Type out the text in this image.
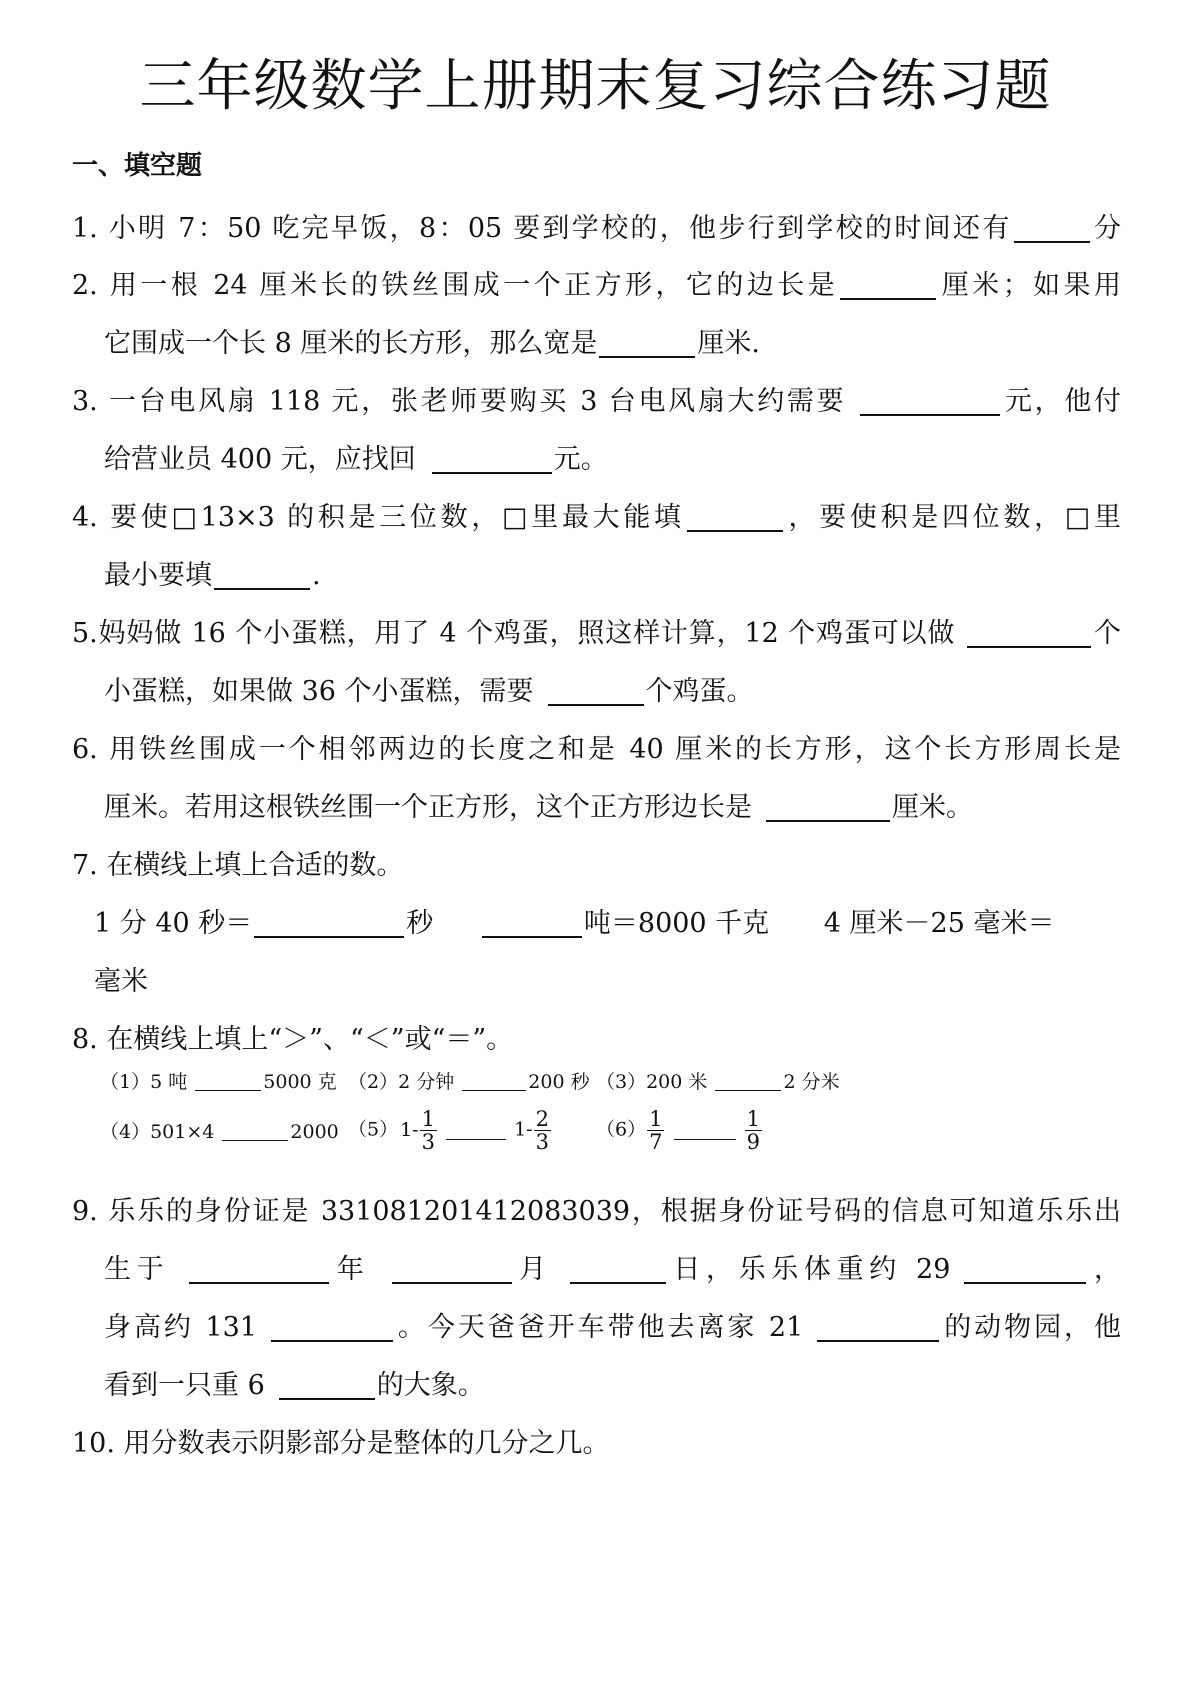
三年级数学上册期末复习综合练习题
一、填空题
1. 小明 7：50 吃完早饭，8：05 要到学校的，他步行到学校的时间还有	分
2. 用一根 24 厘米长的铁丝围成一个正方形，它的边长是	厘米；如果用
它围成一个长 8 厘米的长方形，那么宽是	厘米.
3. 一台电风扇 118 元，张老师要购买 3 台电风扇大约需要	元，他付
给营业员 400 元，应找回	元。
4. 要使□13×3 的积是三位数，□里最大能填	，要使积是四位数，□里
最小要填	.
5.妈妈做 16 个小蛋糕，用了 4 个鸡蛋，照这样计算，12 个鸡蛋可以做	个
小蛋糕，如果做 36 个小蛋糕，需要	个鸡蛋。
6. 用铁丝围成一个相邻两边的长度之和是 40 厘米的长方形，这个长方形周长是
厘米。若用这根铁丝围一个正方形，这个正方形边长是	厘米。
7. 在横线上填上合适的数。
1 分 40 秒＝	秒	吨＝8000 千克 4 厘米－25 毫米＝
毫米
8. 在横线上填上“＞”、“＜”或“＝”。
（1）5 吨	5000 克 （2）2 分钟	200 秒 （3）200 米	2 分米
（4）501×4	2000 （5） $1- \frac{1}{3}$	$1- \frac{2}{3} (6) \frac{1}{7}$
	$\frac{1}{9}$
9. 乐乐的身份证是 331081201412083039，根据身份证号码的信息可知道乐乐出
生于	年	月	日，乐乐体重约 29	，
身高约 131	。今天爸爸开车带他去离家 21	的动物园，他
看到一只重 6	的大象。
10. 用分数表示阴影部分是整体的几分之几。
